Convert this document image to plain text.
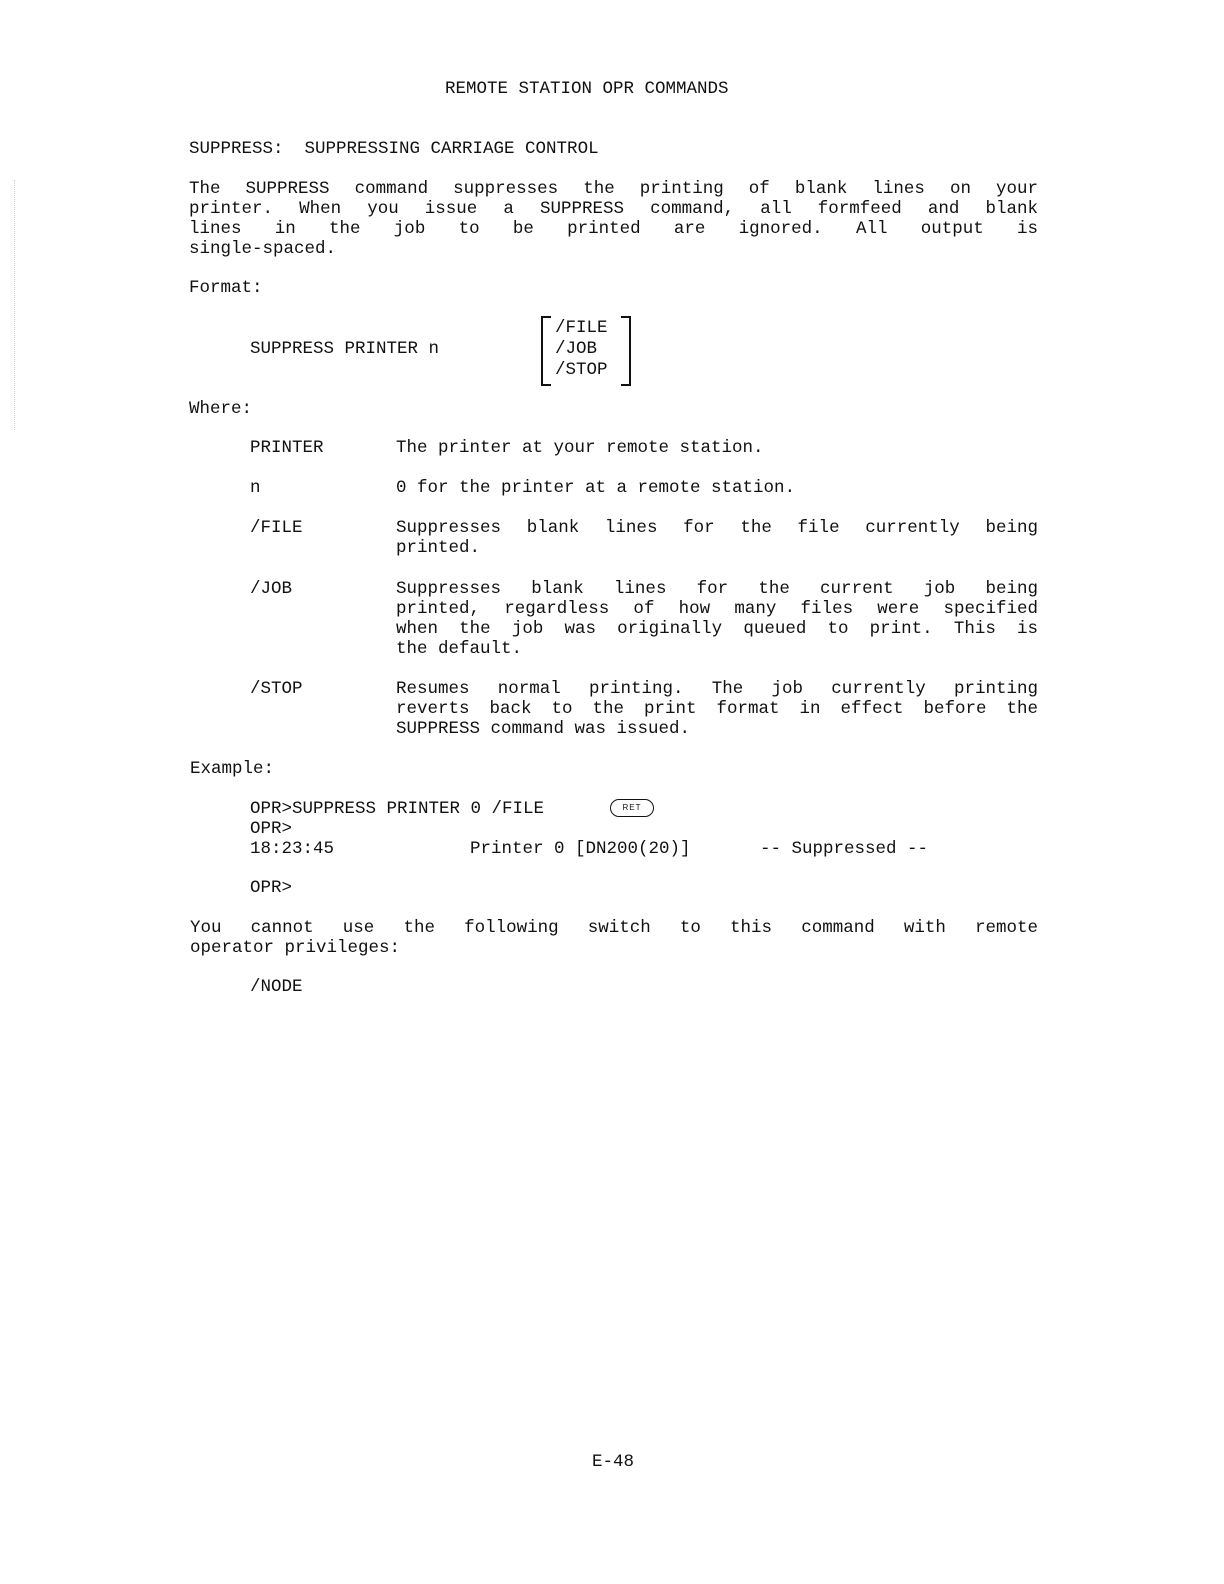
REMOTE STATION OPR COMMANDS
SUPPRESS:  SUPPRESSING CARRIAGE CONTROL
The SUPPRESS command suppresses the printing of blank lines on your
printer. When you issue a SUPPRESS command, all formfeed and blank
lines in the job to be printed are ignored. All output is
single-spaced.
Format:
SUPPRESS PRINTER n
/FILE
/JOB
/STOP
Where:
PRINTER	The printer at your remote station.
n	0 for the printer at a remote station.
/FILE	Suppresses blank lines for the file currently being
printed.
/JOB	Suppresses blank lines for the current job being
printed, regardless of how many files were specified
when the job was originally queued to print. This is
the default.
/STOP	Resumes normal printing. The job currently printing
reverts back to the print format in effect before the
SUPPRESS command was issued.
Example:
OPR>SUPPRESS PRINTER 0 /FILE	RET
OPR>
18:23:45	Printer 0 [DN200(20)]	-- Suppressed --
OPR>
You cannot use the following switch to this command with remote
operator privileges:
/NODE
E-48
